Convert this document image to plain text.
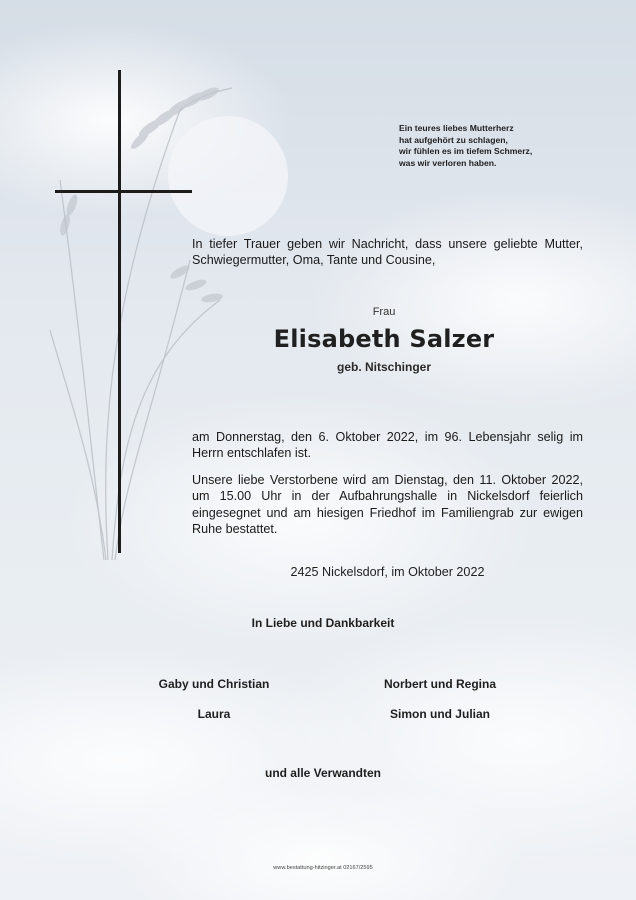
Ein teures liebes Mutterherz
hat aufgehört zu schlagen,
wir fühlen es im tiefem Schmerz,
was wir verloren haben.
In tiefer Trauer geben wir Nachricht, dass unsere geliebte Mutter, Schwiegermutter, Oma, Tante und Cousine,
Frau
Elisabeth Salzer
geb. Nitschinger
am Donnerstag, den 6. Oktober 2022, im 96. Lebensjahr selig im Herrn entschlafen ist.
Unsere liebe Verstorbene wird am Dienstag, den 11. Oktober 2022, um 15.00 Uhr in der Aufbahrungshalle in Nickelsdorf feierlich eingesegnet und am hiesigen Friedhof im Familiengrab zur ewigen Ruhe bestattet.
2425 Nickelsdorf, im Oktober 2022
In Liebe und Dankbarkeit
Gaby und Christian
Laura
Norbert und Regina
Simon und Julian
und alle Verwandten
www.bestattung-hitzinger.at 02167/2595
